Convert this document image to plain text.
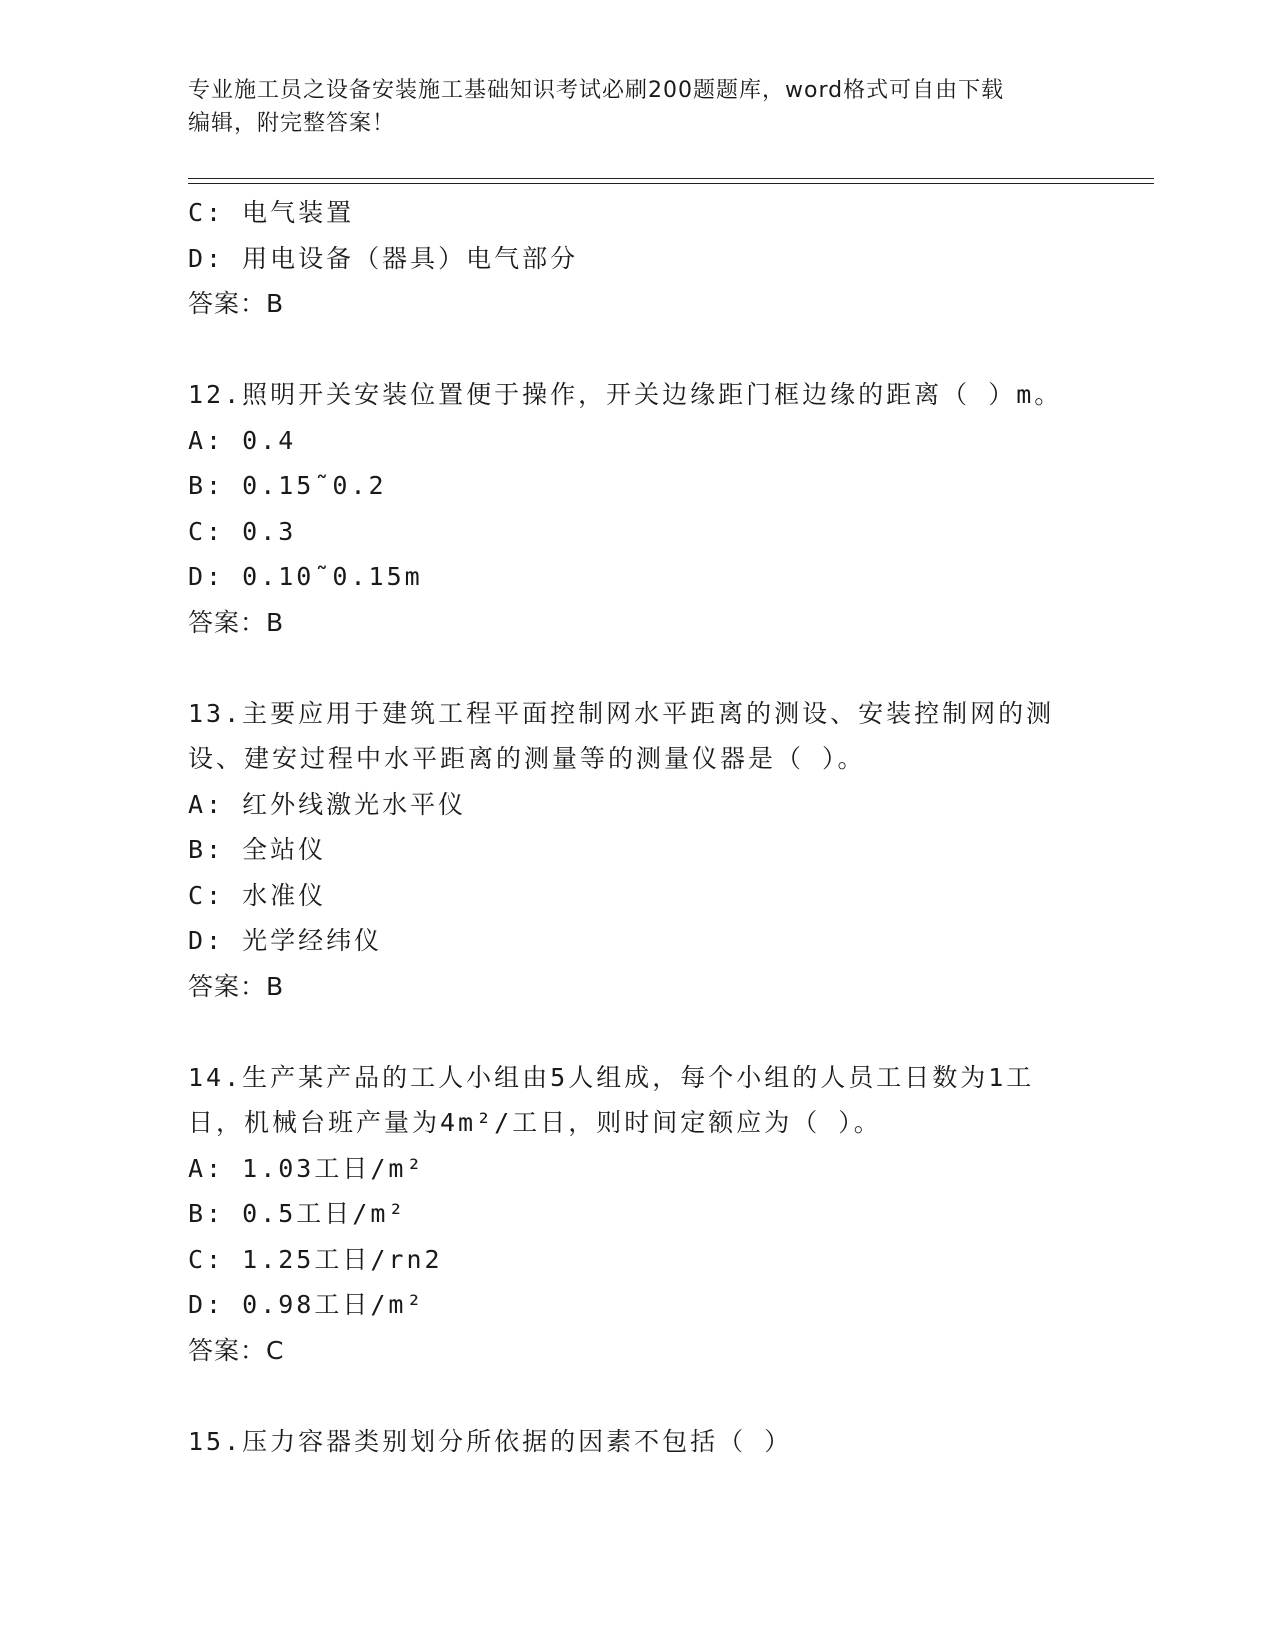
专业施工员之设备安装施工基础知识考试必刷200题题库，word格式可自由下载
编辑，附完整答案！
C: 电气装置
D: 用电设备（器具）电气部分
答案：B
12.照明开关安装位置便于操作，开关边缘距门框边缘的距离（ ）m。
A: 0.4
B: 0.15˜0.2
C: 0.3
D: 0.10˜0.15m
答案：B
13.主要应用于建筑工程平面控制网水平距离的测设、安装控制网的测
设、建安过程中水平距离的测量等的测量仪器是（ ）。
A: 红外线激光水平仪
B: 全站仪
C: 水准仪
D: 光学经纬仪
答案：B
14.生产某产品的工人小组由5人组成，每个小组的人员工日数为1工
日，机械台班产量为4m²/工日，则时间定额应为（ ）。
A: 1.03工日/m²
B: 0.5工日/m²
C: 1.25工日/rn2
D: 0.98工日/m²
答案：C
15.压力容器类别划分所依据的因素不包括（ ）
